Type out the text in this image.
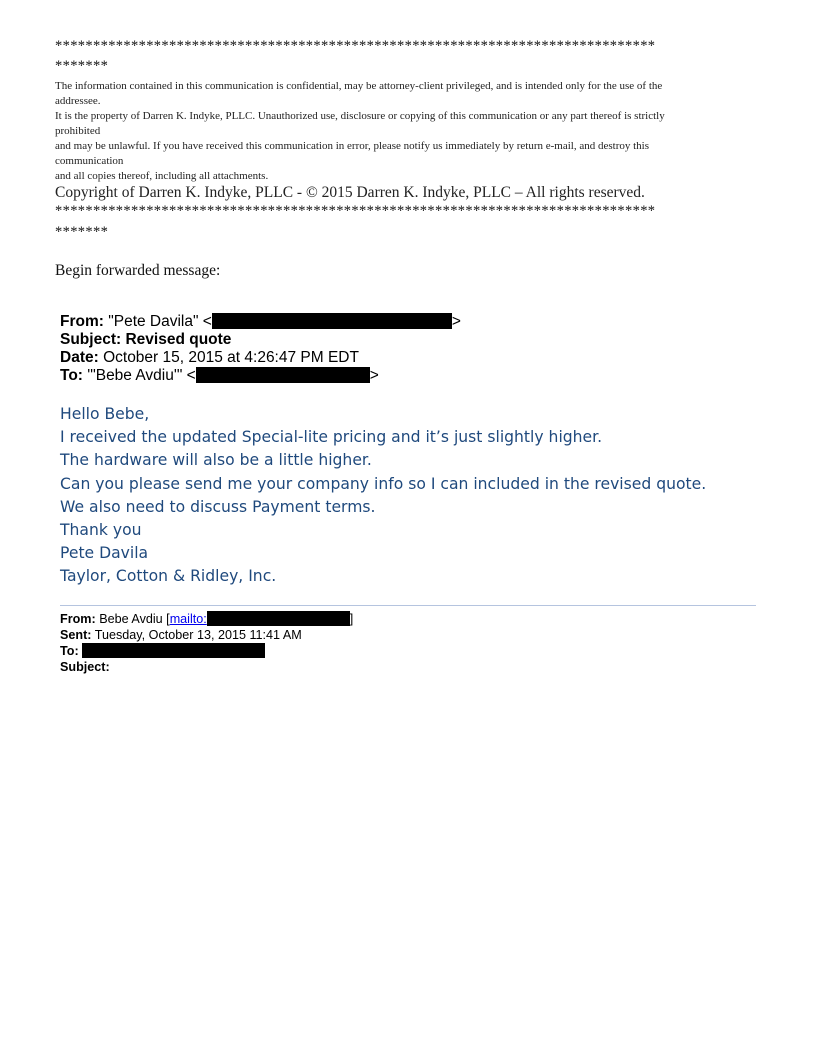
*******************************************************************************
*******
The information contained in this communication is confidential, may be attorney-client privileged, and is intended only for the use of the
addressee.
It is the property of Darren K. Indyke, PLLC. Unauthorized use, disclosure or copying of this communication or any part thereof is strictly
prohibited
and may be unlawful. If you have received this communication in error, please notify us immediately by return e-mail, and destroy this
communication
and all copies thereof, including all attachments.
Copyright of Darren K. Indyke, PLLC - © 2015 Darren K. Indyke, PLLC – All rights reserved.
*******************************************************************************
*******
Begin forwarded message:
From: "Pete Davila" <	>
Subject: Revised quote
Date: October 15, 2015 at 4:26:47 PM EDT
To: '"Bebe Avdiu'" <	>
Hello Bebe,
I received the updated Special-lite pricing and it’s just slightly higher.
The hardware will also be a little higher.
Can you please send me your company info so I can included in the revised quote.
We also need to discuss Payment terms.
Thank you
Pete Davila
Taylor, Cotton & Ridley, Inc.
From: Bebe Avdiu [mailto:	]
Sent: Tuesday, October 13, 2015 11:41 AM
To:
Subject:
